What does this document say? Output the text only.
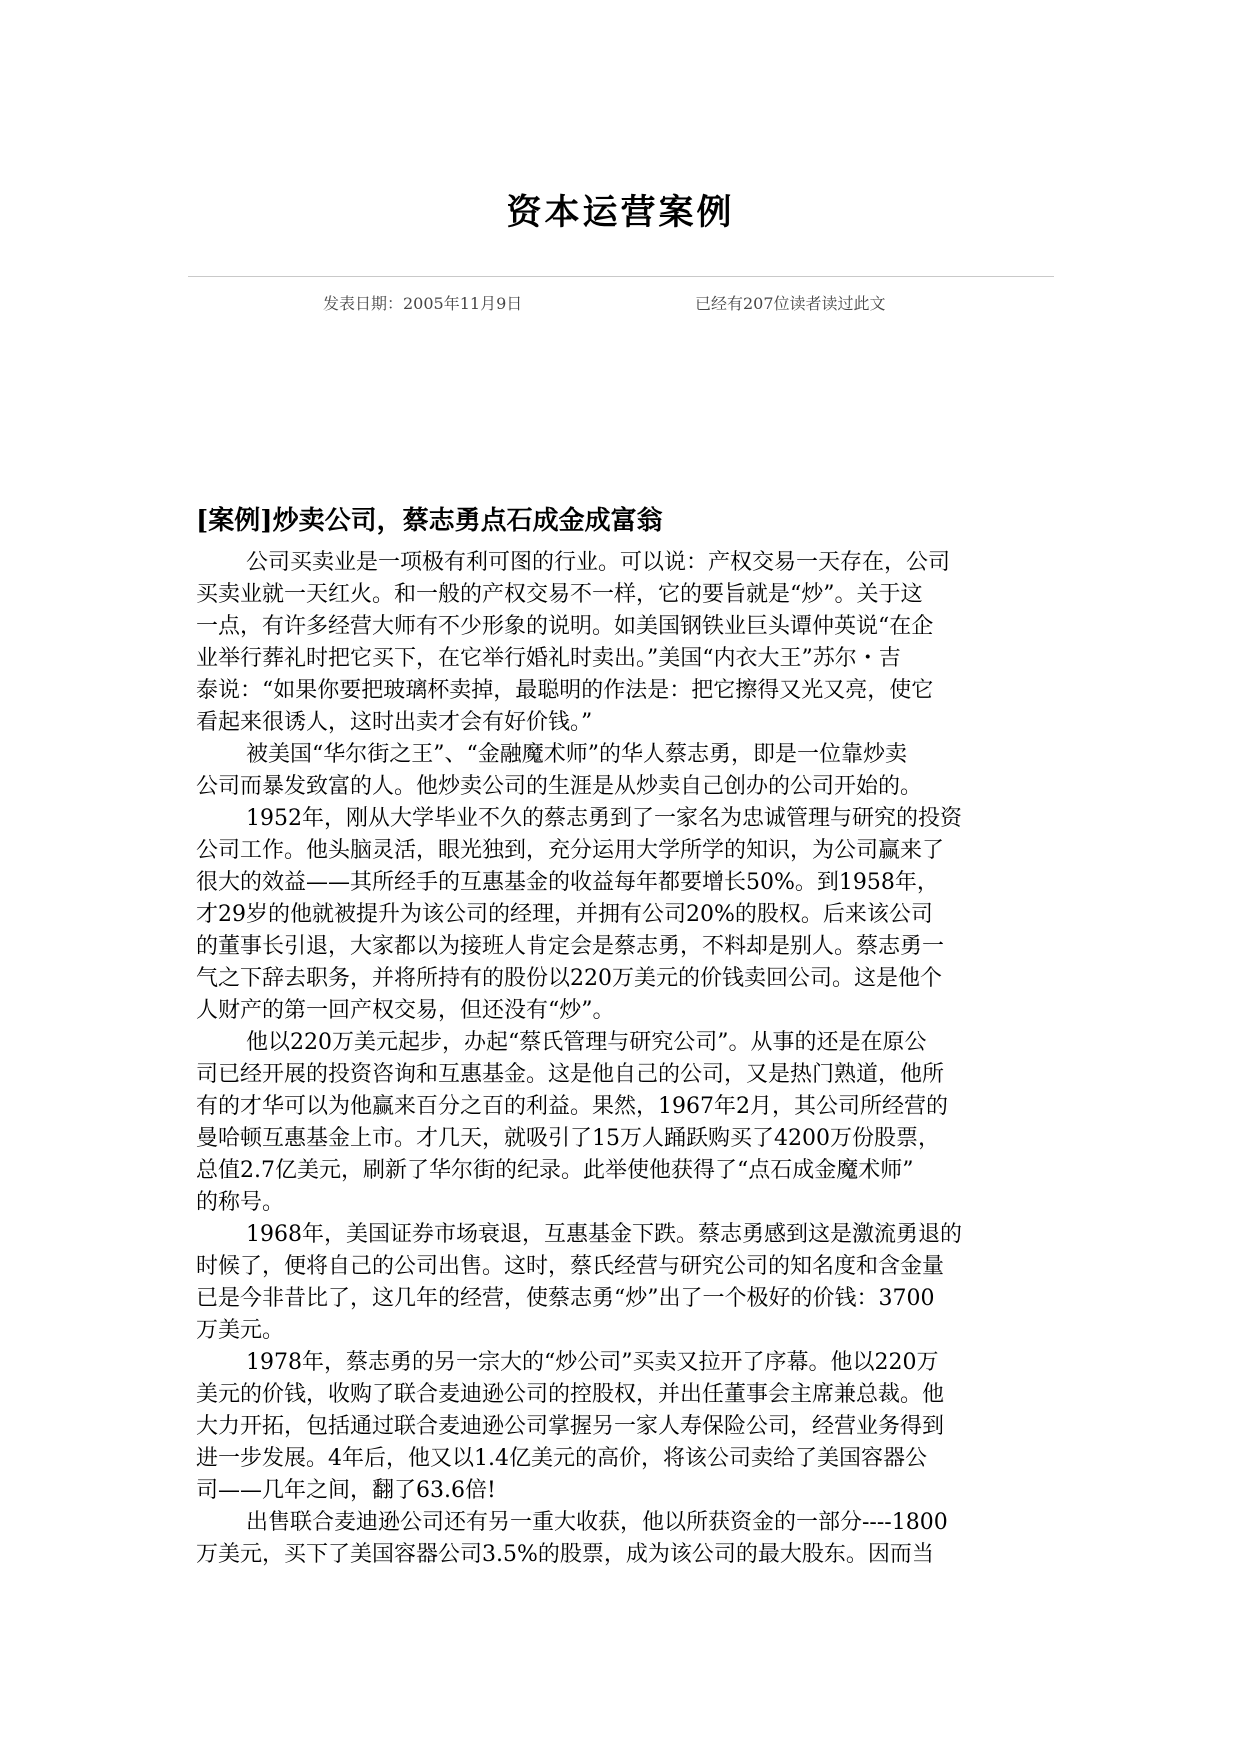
资本运营案例
发表日期：2005年11月9日	已经有207位读者读过此文
[案例]炒卖公司，蔡志勇点石成金成富翁
公司买卖业是一项极有利可图的行业。可以说：产权交易一天存在，公司
买卖业就一天红火。和一般的产权交易不一样，它的要旨就是“炒”。关于这
一点，有许多经营大师有不少形象的说明。如美国钢铁业巨头谭仲英说“在企
业举行葬礼时把它买下，在它举行婚礼时卖出。”美国“内衣大王”苏尔・吉
泰说：“如果你要把玻璃杯卖掉，最聪明的作法是：把它擦得又光又亮，使它
看起来很诱人，这时出卖才会有好价钱。”
被美国“华尔街之王”、“金融魔术师”的华人蔡志勇，即是一位靠炒卖
公司而暴发致富的人。他炒卖公司的生涯是从炒卖自己创办的公司开始的。
1952年，刚从大学毕业不久的蔡志勇到了一家名为忠诚管理与研究的投资
公司工作。他头脑灵活，眼光独到，充分运用大学所学的知识，为公司赢来了
很大的效益——其所经手的互惠基金的收益每年都要增长50%。到1958年，
才29岁的他就被提升为该公司的经理，并拥有公司20%的股权。后来该公司
的董事长引退，大家都以为接班人肯定会是蔡志勇，不料却是别人。蔡志勇一
气之下辞去职务，并将所持有的股份以220万美元的价钱卖回公司。这是他个
人财产的第一回产权交易，但还没有“炒”。
他以220万美元起步，办起“蔡氏管理与研究公司”。从事的还是在原公
司已经开展的投资咨询和互惠基金。这是他自己的公司，又是热门熟道，他所
有的才华可以为他赢来百分之百的利益。果然，1967年2月，其公司所经营的
曼哈顿互惠基金上市。才几天，就吸引了15万人踊跃购买了4200万份股票，
总值2.7亿美元，刷新了华尔街的纪录。此举使他获得了“点石成金魔术师”
的称号。
1968年，美国证券市场衰退，互惠基金下跌。蔡志勇感到这是激流勇退的
时候了，便将自己的公司出售。这时，蔡氏经营与研究公司的知名度和含金量
已是今非昔比了，这几年的经营，使蔡志勇“炒”出了一个极好的价钱：3700
万美元。
1978年，蔡志勇的另一宗大的“炒公司”买卖又拉开了序幕。他以220万
美元的价钱，收购了联合麦迪逊公司的控股权，并出任董事会主席兼总裁。他
大力开拓，包括通过联合麦迪逊公司掌握另一家人寿保险公司，经营业务得到
进一步发展。4年后，他又以1.4亿美元的高价，将该公司卖给了美国容器公
司——几年之间，翻了63.6倍!
出售联合麦迪逊公司还有另一重大收获，他以所获资金的一部分----1800
万美元，买下了美国容器公司3.5%的股票，成为该公司的最大股东。因而当
